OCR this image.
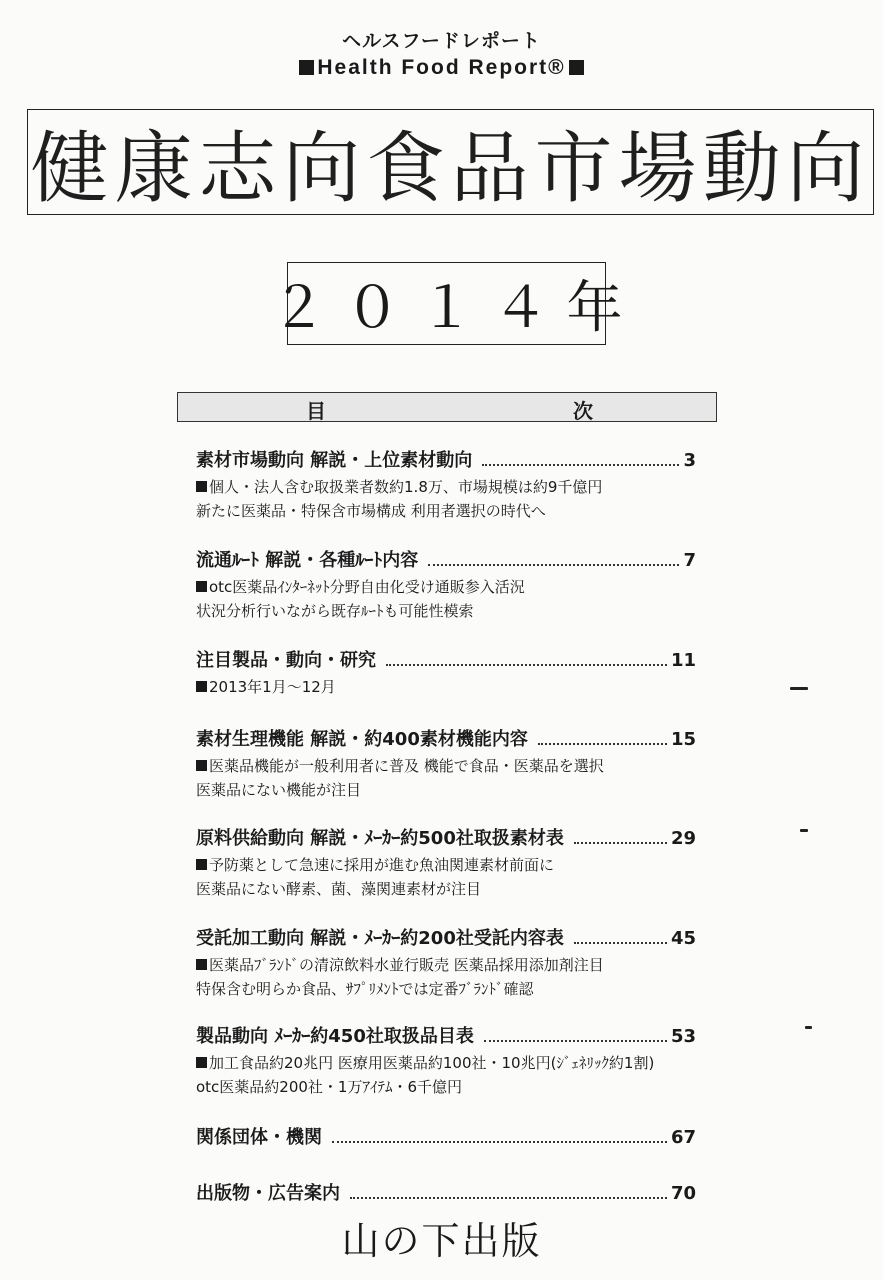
ヘルスフードレポート
Health Food Report®
健康志向食品市場動向
２０１４年
目	次
素材市場動向 解説・上位素材動向	3
個人・法人含む取扱業者数約1.8万、市場規模は約9千億円
新たに医薬品・特保含市場構成 利用者選択の時代へ
流通ﾙｰﾄ 解説・各種ﾙｰﾄ内容	7
otc医薬品ｲﾝﾀｰﾈｯﾄ分野自由化受け通販参入活況
状況分析行いながら既存ﾙｰﾄも可能性模索
注目製品・動向・研究	11
2013年1月～12月
素材生理機能 解説・約400素材機能内容	15
医薬品機能が一般利用者に普及 機能で食品・医薬品を選択
医薬品にない機能が注目
原料供給動向 解説・ﾒｰｶｰ約500社取扱素材表	29
予防薬として急速に採用が進む魚油関連素材前面に
医薬品にない酵素、菌、藻関連素材が注目
受託加工動向 解説・ﾒｰｶｰ約200社受託内容表	45
医薬品ﾌﾞﾗﾝﾄﾞの清涼飲料水並行販売 医薬品採用添加剤注目
特保含む明らか食品、ｻﾌﾟﾘﾒﾝﾄでは定番ﾌﾞﾗﾝﾄﾞ確認
製品動向 ﾒｰｶｰ約450社取扱品目表	53
加工食品約20兆円 医療用医薬品約100社・10兆円(ｼﾞｪﾈﾘｯｸ約1割)
otc医薬品約200社・1万ｱｲﾃﾑ・6千億円
関係団体・機関	67
出版物・広告案内	70
山の下出版
